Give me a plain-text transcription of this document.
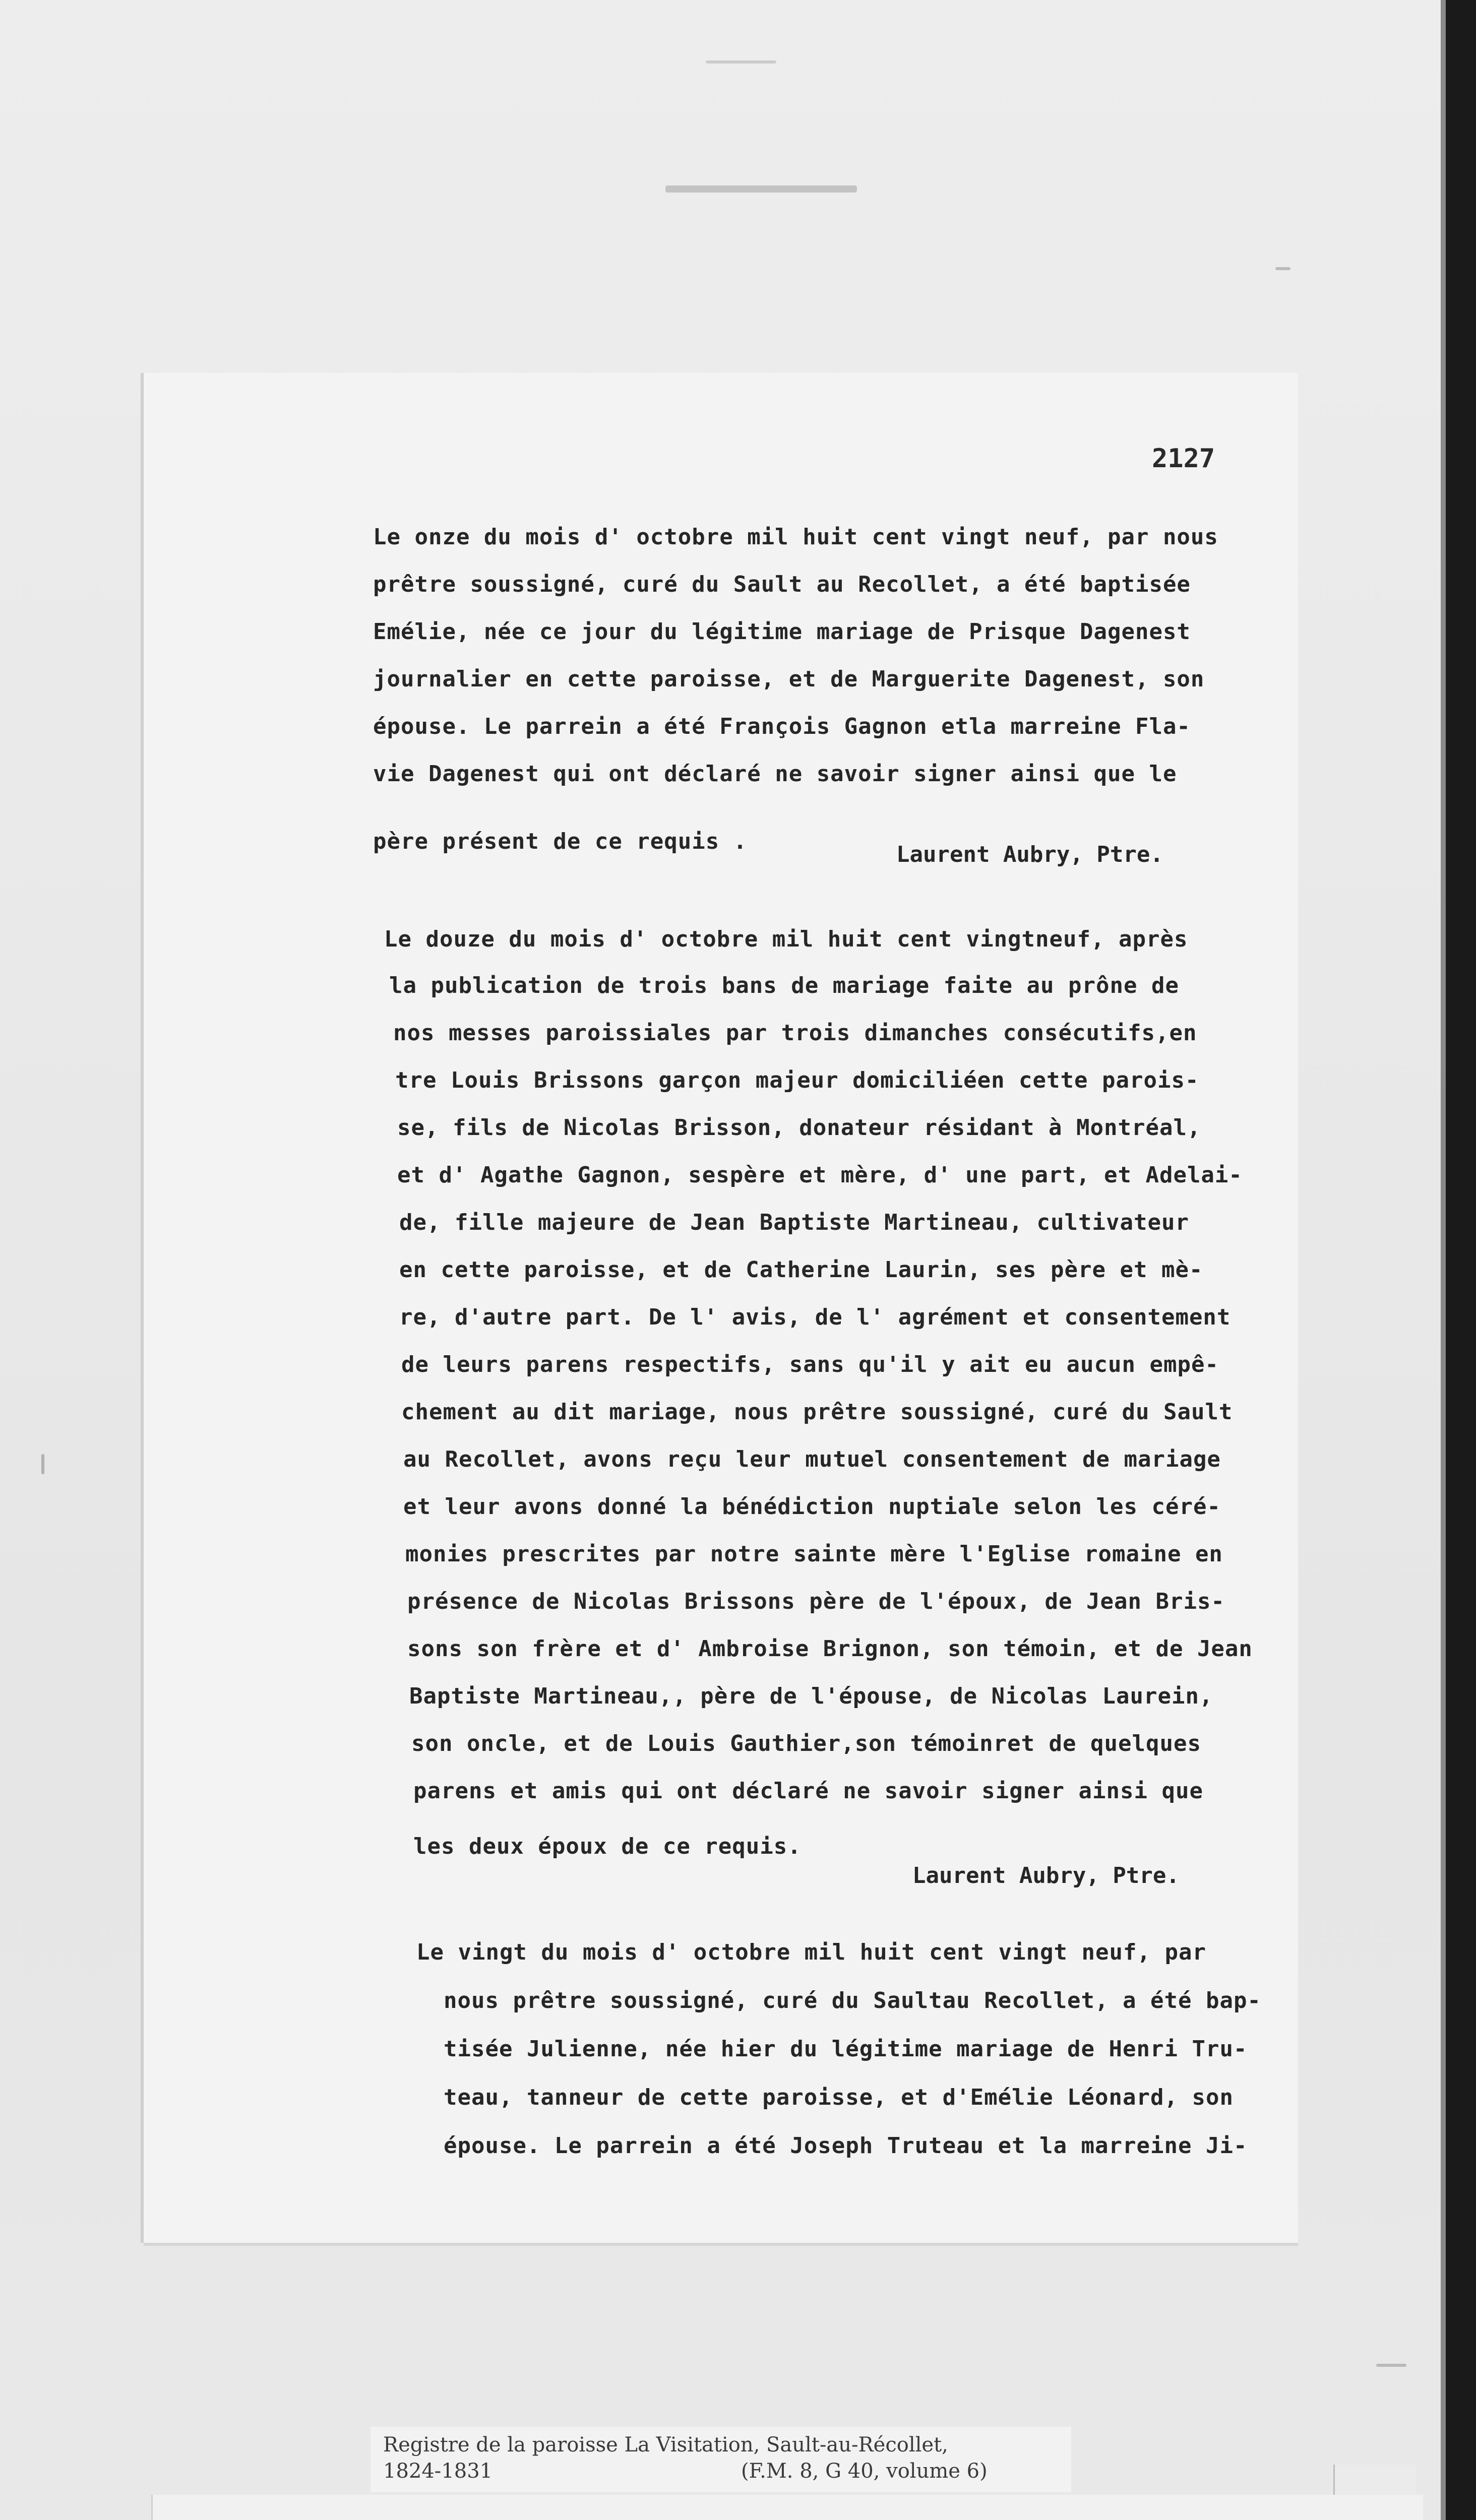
2127
Le onze du mois d' octobre mil huit cent vingt neuf, par nous
prêtre soussigné, curé du Sault au Recollet, a été baptisée
Emélie, née ce jour du légitime mariage de Prisque Dagenest
journalier en cette paroisse, et de Marguerite Dagenest, son
épouse. Le parrein a été François Gagnon etla marreine Fla-
vie Dagenest qui ont déclaré ne savoir signer ainsi que le
père présent de ce requis .
Laurent Aubry, Ptre.
Le douze du mois d' octobre mil huit cent vingtneuf, après
la publication de trois bans de mariage faite au prône de
nos messes paroissiales par trois dimanches consécutifs,en
tre Louis Brissons garçon majeur domiciliéen cette parois-
se, fils de Nicolas Brisson, donateur résidant à Montréal,
et d' Agathe Gagnon, sespère et mère, d' une part, et Adelai-
de, fille majeure de Jean Baptiste Martineau, cultivateur
en cette paroisse, et de Catherine Laurin, ses père et mè-
re, d'autre part. De l' avis, de l' agrément et consentement
de leurs parens respectifs, sans qu'il y ait eu aucun empê-
chement au dit mariage, nous prêtre soussigné, curé du Sault
au Recollet, avons reçu leur mutuel consentement de mariage
et leur avons donné la bénédiction nuptiale selon les céré-
monies prescrites par notre sainte mère l'Eglise romaine en
présence de Nicolas Brissons père de l'époux, de Jean Bris-
sons son frère et d' Ambroise Brignon, son témoin, et de Jean
Baptiste Martineau,, père de l'épouse, de Nicolas Laurein,
son oncle, et de Louis Gauthier,son témoinret de quelques
parens et amis qui ont déclaré ne savoir signer ainsi que
les deux époux de ce requis.
Laurent Aubry, Ptre.
Le vingt du mois d' octobre mil huit cent vingt neuf, par
nous prêtre soussigné, curé du Saultau Recollet, a été bap-
tisée Julienne, née hier du légitime mariage de Henri Tru-
teau, tanneur de cette paroisse, et d'Emélie Léonard, son
épouse. Le parrein a été Joseph Truteau et la marreine Ji-
Registre de la paroisse La Visitation, Sault-au-Récollet,
1824-1831	(F.M. 8, G 40, volume 6)
